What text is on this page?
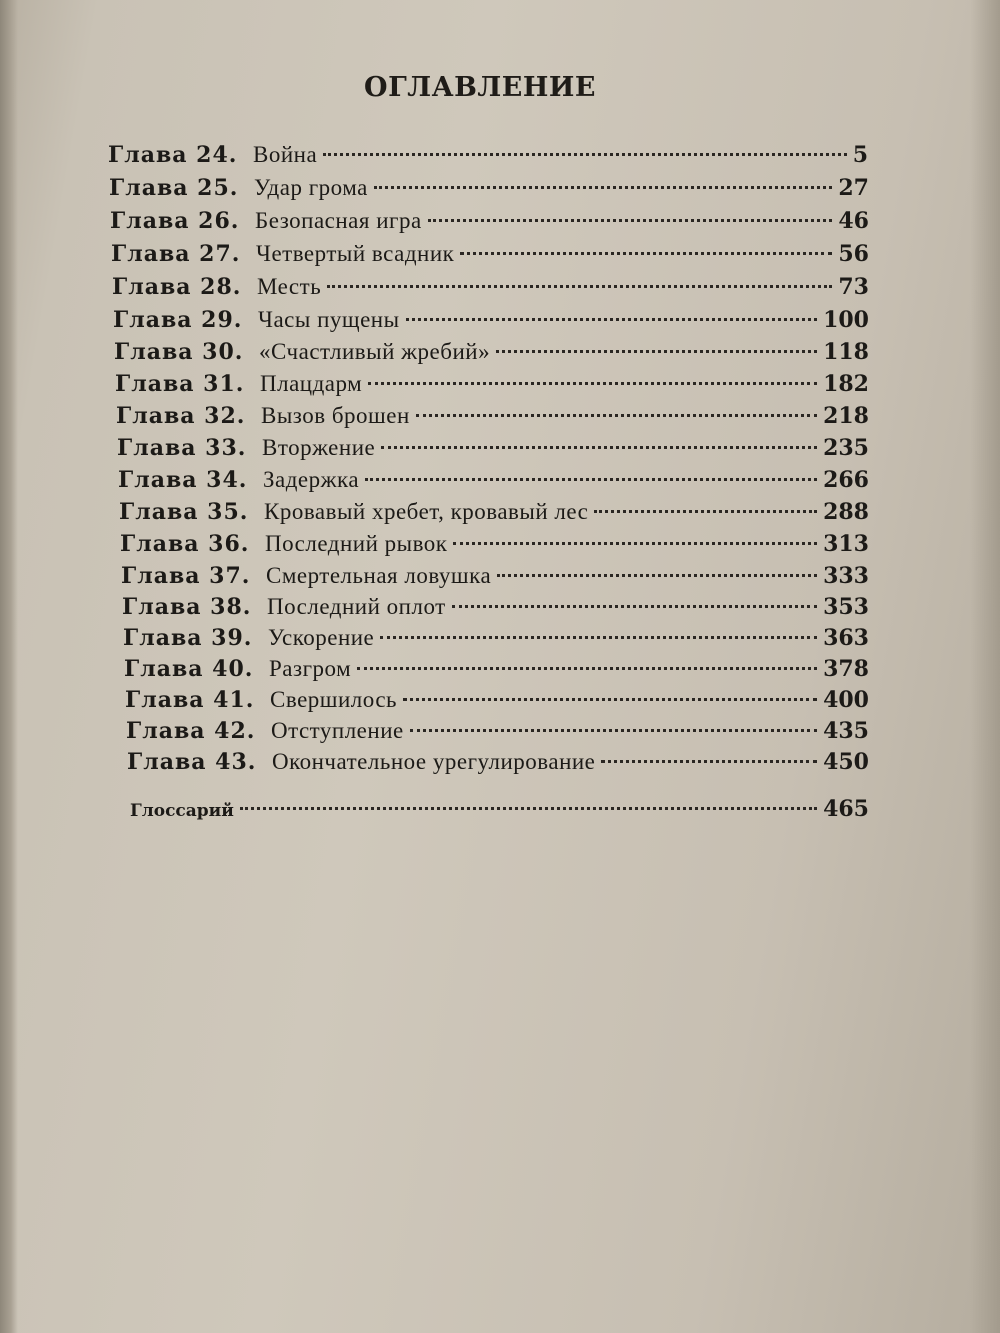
ОГЛАВЛЕНИЕ
Глава 24. Война	5
Глава 25. Удар грома	27
Глава 26. Безопасная игра	46
Глава 27. Четвертый всадник	56
Глава 28. Месть	73
Глава 29. Часы пущены	100
Глава 30. «Счастливый жребий»	118
Глава 31. Плацдарм	182
Глава 32. Вызов брошен	218
Глава 33. Вторжение	235
Глава 34. Задержка	266
Глава 35. Кровавый хребет, кровавый лес	288
Глава 36. Последний рывок	313
Глава 37. Смертельная ловушка	333
Глава 38. Последний оплот	353
Глава 39. Ускорение	363
Глава 40. Разгром	378
Глава 41. Свершилось	400
Глава 42. Отступление	435
Глава 43. Окончательное урегулирование	450
Глоссарий	465
